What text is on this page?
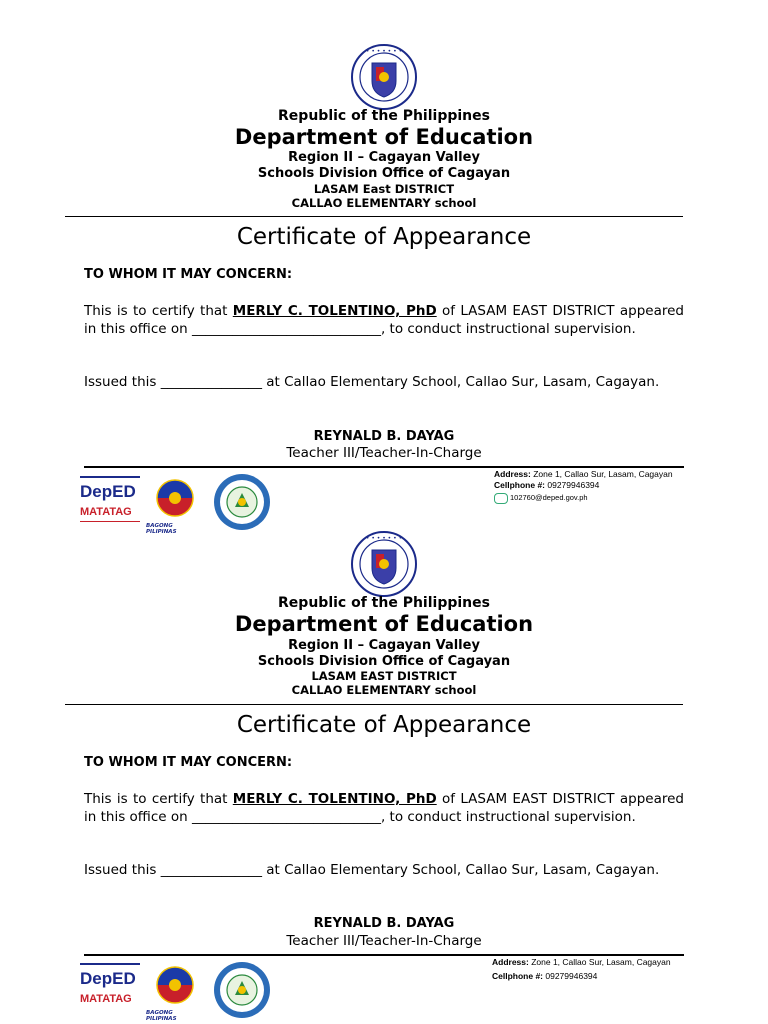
• • • • • • •
Republic of the Philippines
Department of Education
Region II – Cagayan Valley
Schools Division Office of Cagayan
LASAM East DISTRICT
CALLAO ELEMENTARY school
Certificate of Appearance
TO WHOM IT MAY CONCERN:
This is to certify that MERLY C. TOLENTINO, PhD of LASAM EAST DISTRICT appeared in this office on ____________________________, to conduct instructional supervision.
Issued this _______________ at Callao Elementary School, Callao Sur, Lasam, Cagayan.
REYNALD B. DAYAG
Teacher III/Teacher-In-Charge
DepED
MATATAG
BAGONG PILIPINAS
Address: Zone 1, Callao Sur, Lasam, Cagayan
Cellphone #: 09279946394
102760@deped.gov.ph
• • • • • • •
Republic of the Philippines
Department of Education
Region II – Cagayan Valley
Schools Division Office of Cagayan
LASAM EAST DISTRICT
CALLAO ELEMENTARY school
Certificate of Appearance
TO WHOM IT MAY CONCERN:
This is to certify that MERLY C. TOLENTINO, PhD of LASAM EAST DISTRICT appeared in this office on ____________________________, to conduct instructional supervision.
Issued this _______________ at Callao Elementary School, Callao Sur, Lasam, Cagayan.
REYNALD B. DAYAG
Teacher III/Teacher-In-Charge
DepED
MATATAG
BAGONG PILIPINAS
Address: Zone 1, Callao Sur, Lasam, Cagayan
Cellphone #: 09279946394
